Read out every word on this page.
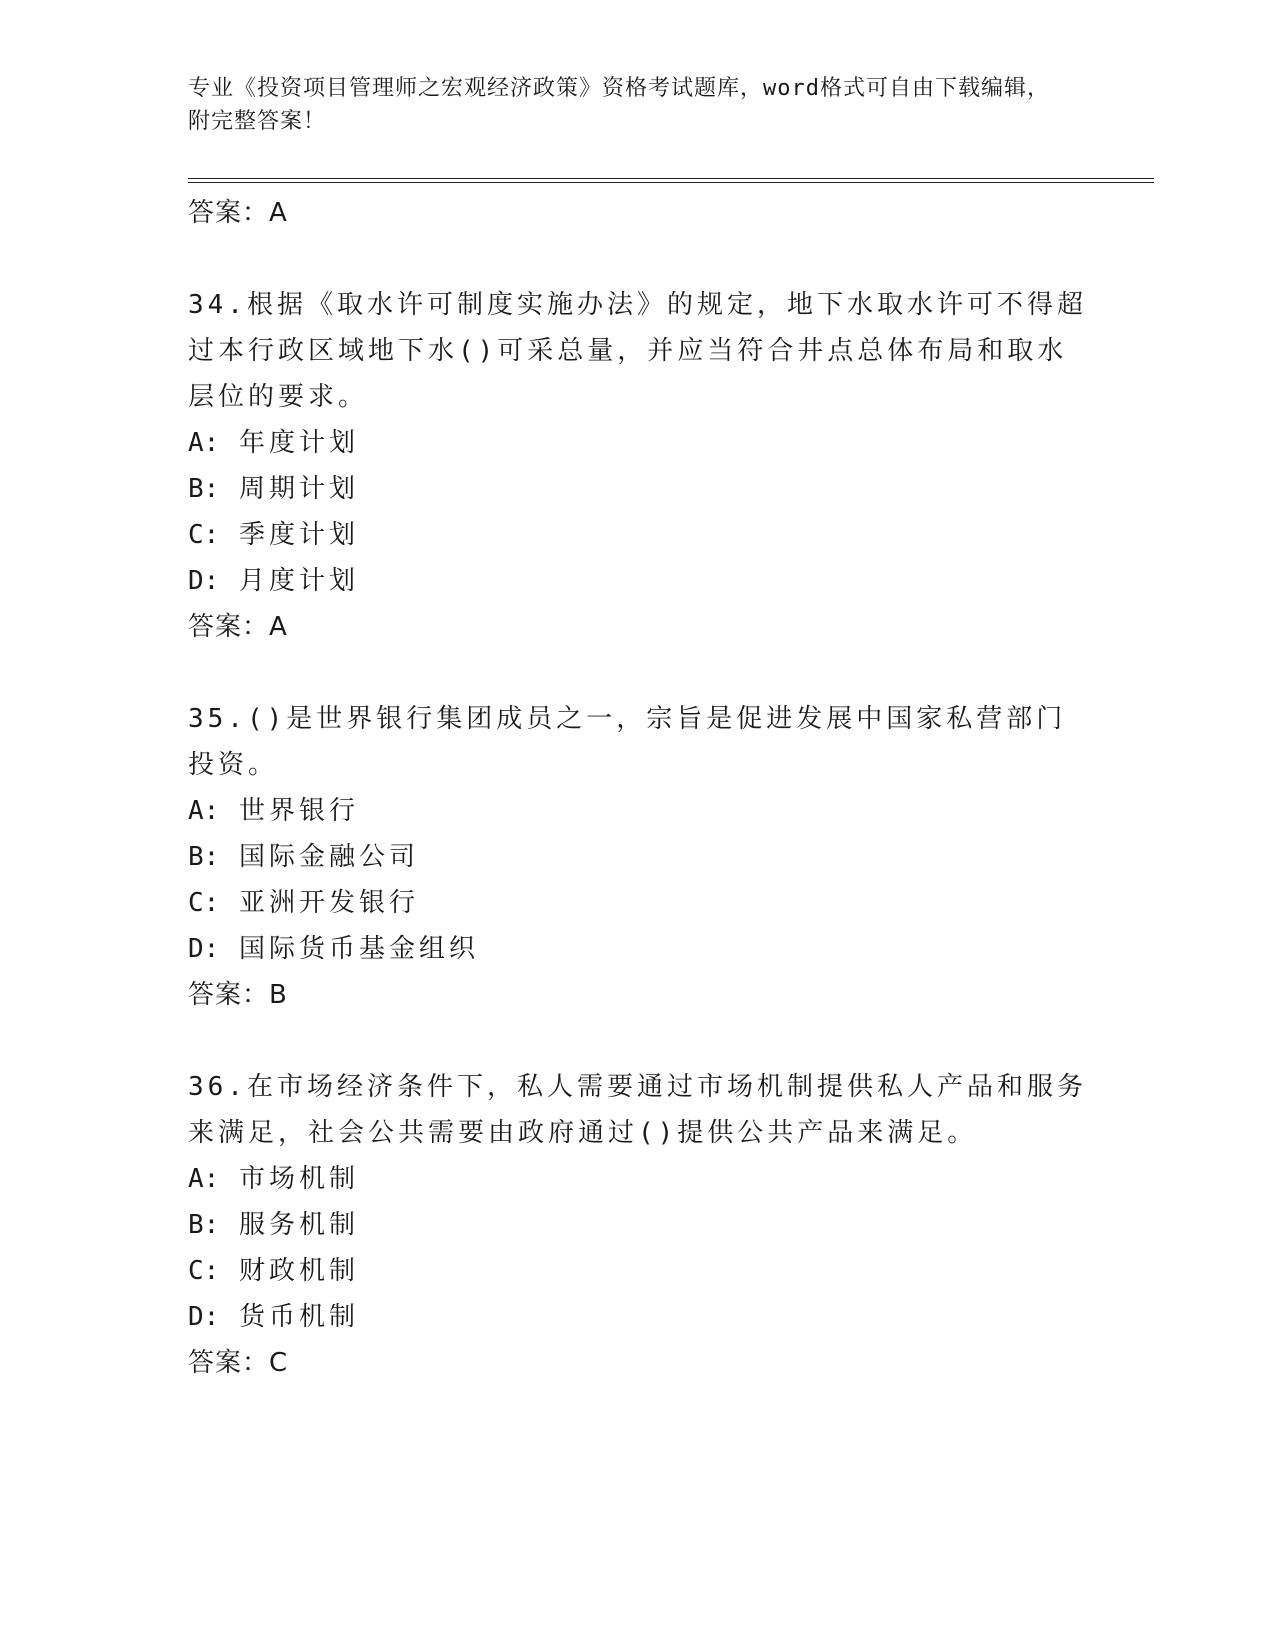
专业《投资项目管理师之宏观经济政策》资格考试题库，word格式可自由下载编辑，附完整答案！
答案：A

34.根据《取水许可制度实施办法》的规定，地下水取水许可不得超过本行政区域地下水()可采总量，并应当符合井点总体布局和取水层位的要求。

A: 年度计划
B: 周期计划
C: 季度计划
D: 月度计划
答案：A

35.()是世界银行集团成员之一，宗旨是促进发展中国家私营部门投资。

A: 世界银行
B: 国际金融公司
C: 亚洲开发银行
D: 国际货币基金组织
答案：B

36.在市场经济条件下，私人需要通过市场机制提供私人产品和服务来满足，社会公共需要由政府通过()提供公共产品来满足。

A: 市场机制
B: 服务机制
C: 财政机制
D: 货币机制
答案：C
